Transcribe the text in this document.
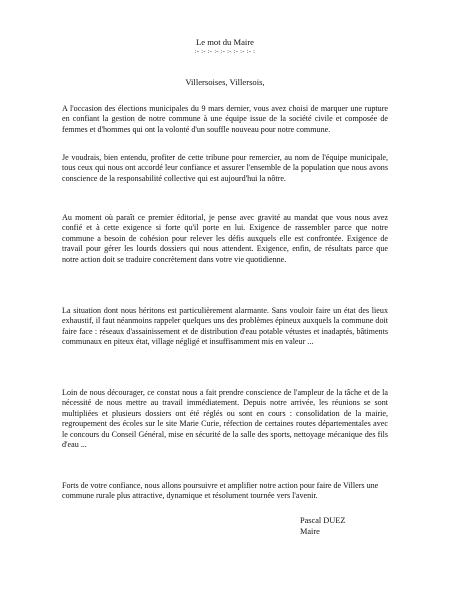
Le mot du Maire
:- :- :- :- :- :- :- :- :- :
Villersoises, Villersois,

A l'occasion des élections municipales du 9 mars dernier, vous avez choisi de marquer une rupture en confiant la gestion de notre commune à une équipe issue de la société civile et composée de femmes et d'hommes qui ont la volonté d'un souffle nouveau pour notre commune.

Je voudrais, bien entendu, profiter de cette tribune pour remercier, au nom de l'équipe municipale, tous ceux qui nous ont accordé leur confiance et assurer l'ensemble de la population que nous avons conscience de la responsabilité collective qui est aujourd'hui la nôtre.

Au moment où paraît ce premier éditorial, je pense avec gravité au mandat que vous nous avez confié et à cette exigence si forte qu'il porte en lui. Exigence de rassembler parce que notre commune a besoin de cohésion pour relever les défis auxquels elle est confrontée. Exigence de travail pour gérer les lourds dossiers qui nous attendent. Exigence, enfin, de résultats parce que notre action doit se traduire concrètement dans votre vie quotidienne.

La situation dont nous héritons est particulièrement alarmante. Sans vouloir faire un état des lieux exhaustif, il faut néanmoins rappeler quelques uns des problèmes épineux auxquels la commune doit faire face : réseaux d'assainissement et de distribution d'eau potable vétustes et inadaptés, bâtiments communaux en piteux état, village négligé et insuffisamment mis en valeur ...

Loin de nous décourager, ce constat nous a fait prendre conscience de l'ampleur de la tâche et de la nécessité de nous mettre au travail immédiatement. Depuis notre arrivée, les réunions se sont multipliées et plusieurs dossiers ont été réglés ou sont en cours : consolidation de la mairie, regroupement des écoles sur le site Marie Curie, réfection de certaines routes départementales avec le concours du Conseil Général, mise en sécurité de la salle des sports, nettoyage mécanique des fils d'eau ...

Forts de votre confiance, nous allons poursuivre et amplifier notre action pour faire de Villers une commune rurale plus attractive, dynamique et résolument tournée vers l'avenir.

Pascal DUEZ
Maire
